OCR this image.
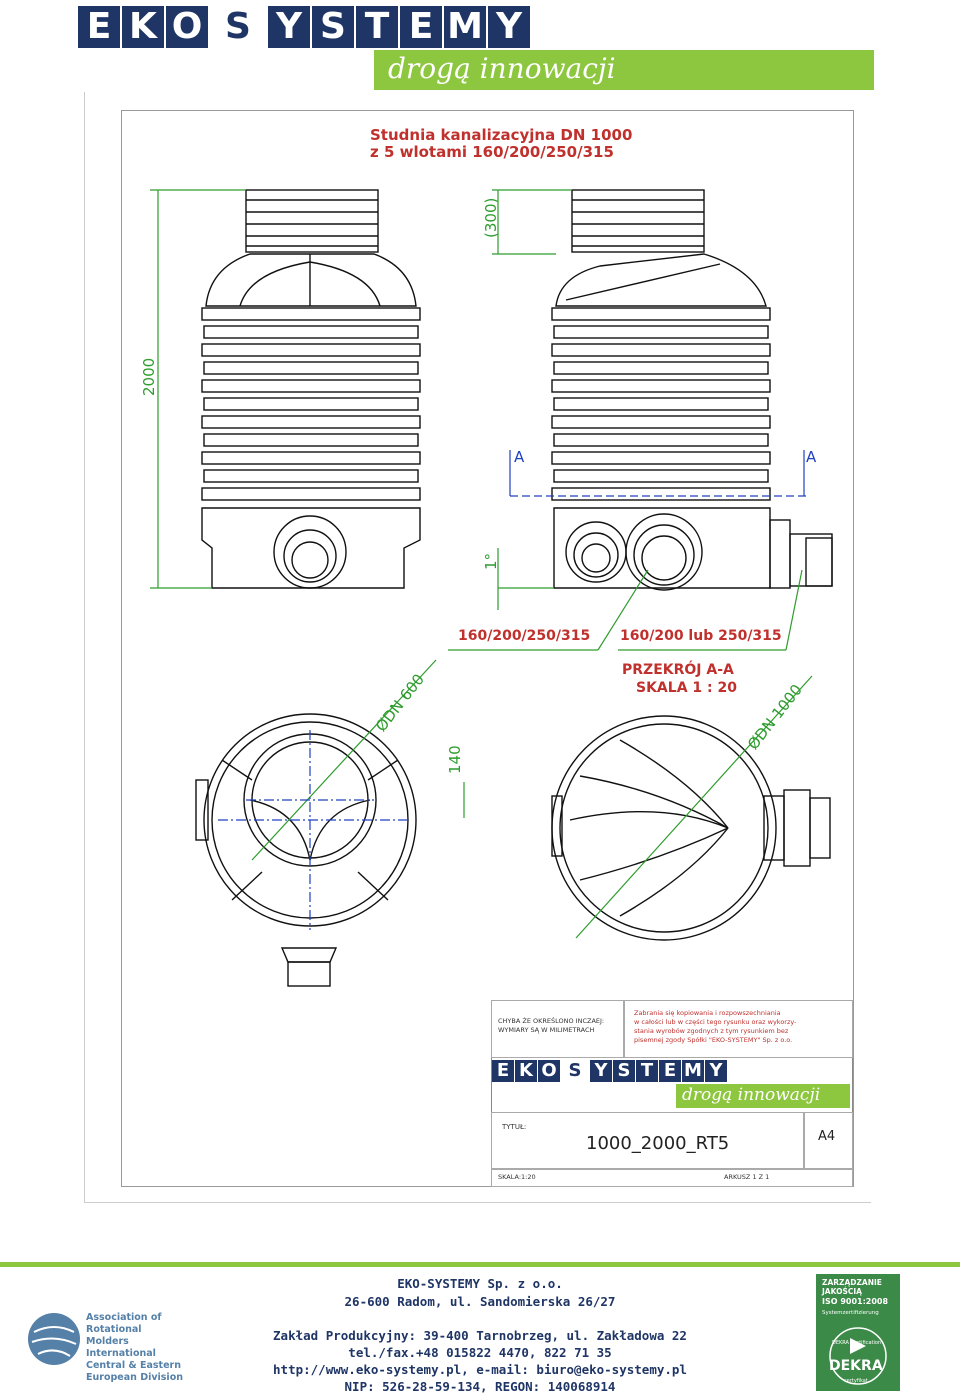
E K O S Y S T E M Y
drogą innowacji
Studnia kanalizacyjna DN 1000
z 5 wlotami 160/200/250/315
2000
(300)
1°
A	A
160/200/250/315 160/200 lub 250/315
PRZEKRÓJ A-A
SKALA 1 : 20
ØDN 600
140
ØDN 1000
CHYBA ŻE OKREŚLONO INCZAEJ:
WYMIARY SĄ W MILIMETRACH
Zabrania się kopiowania i rozpowszechniania
w całości lub w części tego rysunku oraz wykorzy-
stania wyrobów zgodnych z tym rysunkiem bez
pisemnej zgody Spółki "EKO-SYSTEMY" Sp. z o.o.
E K O S Y S T E M Y
drogą innowacji
TYTUŁ:
1000_2000_RT5	A4
SKALA:1:20	ARKUSZ 1 Z 1
EKO-SYSTEMY Sp. z o.o.
26-600 Radom, ul. Sandomierska 26/27
Zakład Produkcyjny: 39-400 Tarnobrzeg, ul. Zakładowa 22
tel./fax.+48 015822 4470, 822 71 35
http://www.eko-systemy.pl, e-mail: biuro@eko-systemy.pl
NIP: 526-28-59-134, REGON: 140068914
Association of Rotational
Molders International
Central & Eastern
European Division
ZARZĄDZANIE
JAKOŚCIĄ
ISO 9001:2008
Systemzertifizierung
DEKRA Certification
DEKRA
certyfikat
